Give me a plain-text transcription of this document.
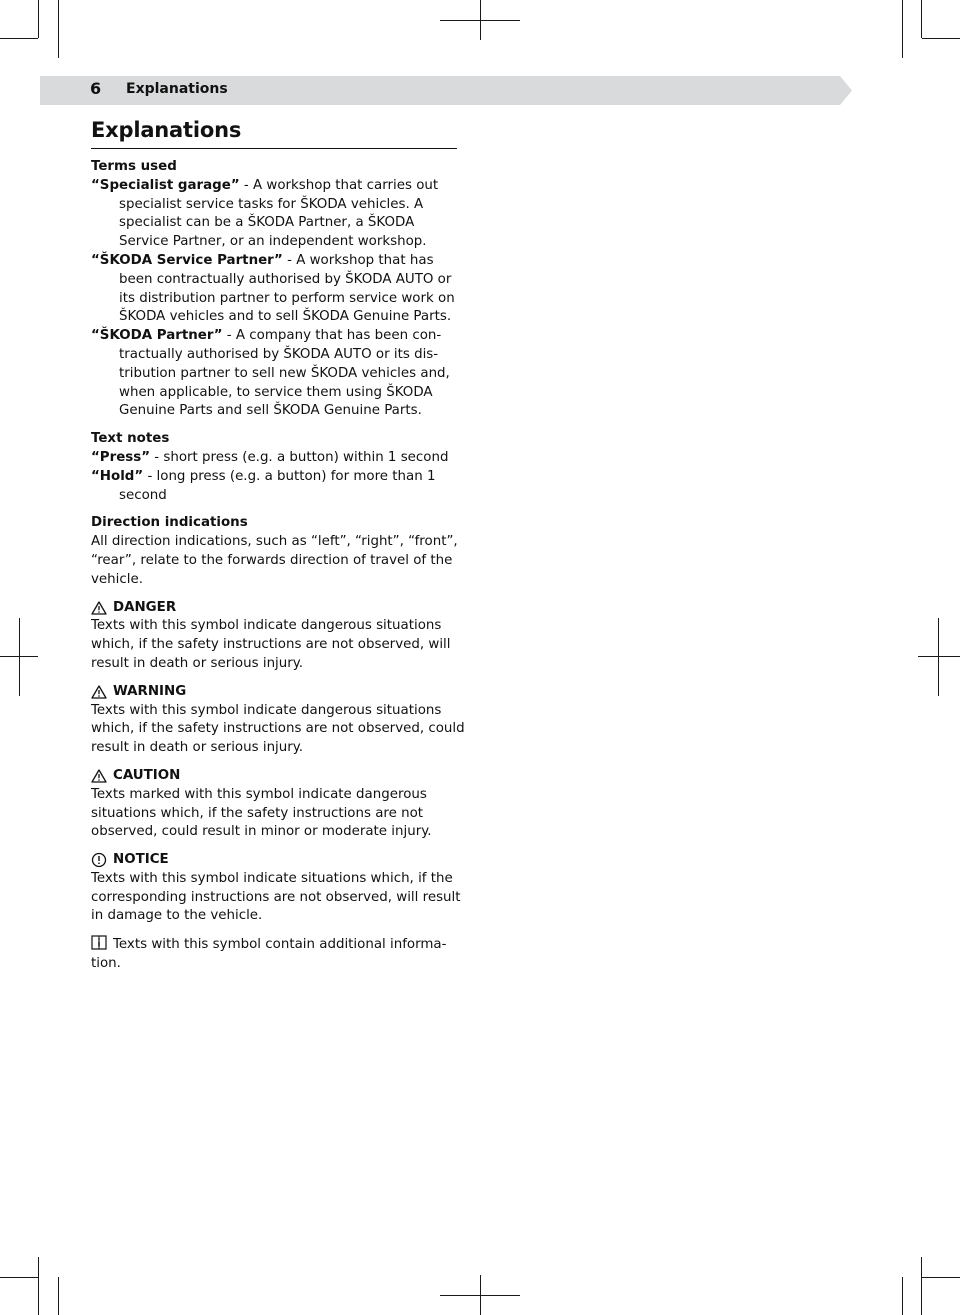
6 Explanations
Explanations

Terms used

“Specialist garage” - A workshop that carries out specialist service tasks for ŠKODA vehicles. A specialist can be a ŠKODA Partner, a ŠKODA Service Partner, or an independent workshop.

“ŠKODA Service Partner” - A workshop that has been contractually authorised by ŠKODA AUTO or its distribution partner to perform service work on ŠKODA vehicles and to sell ŠKODA Genuine Parts.

“ŠKODA Partner” - A company that has been contractually authorised by ŠKODA AUTO or its distribution partner to sell new ŠKODA vehicles and, when applicable, to service them using ŠKODA Genuine Parts and sell ŠKODA Genuine Parts.

Text notes

“Press” - short press (e.g. a button) within 1 second

“Hold” - long press (e.g. a button) for more than 1 second

Direction indications

All direction indications, such as “left”, “right”, “front”, “rear”, relate to the forwards direction of travel of the vehicle.

DANGER

Texts with this symbol indicate dangerous situations which, if the safety instructions are not observed, will result in death or serious injury.

WARNING

Texts with this symbol indicate dangerous situations which, if the safety instructions are not observed, could result in death or serious injury.

CAUTION

Texts marked with this symbol indicate dangerous situations which, if the safety instructions are not observed, could result in minor or moderate injury.

NOTICE

Texts with this symbol indicate situations which, if the corresponding instructions are not observed, will result in damage to the vehicle.

Texts with this symbol contain additional information.
